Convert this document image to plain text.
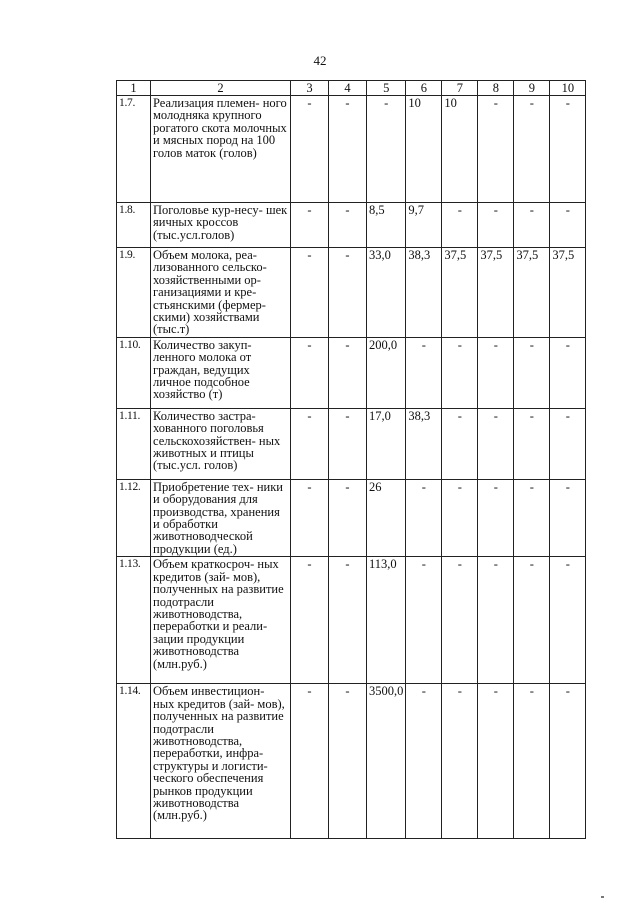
42
1	2	3	4	5	6	7	8	9	10
1.7.	Реализация племен- ного молодняка крупного рогатого скота молочных и мясных пород на 100 голов маток (голов)	-	-	-	10	10	-	-	-
1.8.	Поголовье кур-несу- шек яичных кроссов (тыс.усл.голов)	-	-	8,5	9,7	-	-	-	-
1.9.	Объем молока, реа- лизованного сельско- хозяйственными ор- ганизациями и кре- стьянскими (фермер- скими) хозяйствами (тыс.т)	-	-	33,0	38,3	37,5	37,5	37,5	37,5
1.10.	Количество закуп- ленного молока от граждан, ведущих личное подсобное хозяйство (т)	-	-	200,0	-	-	-	-	-
1.11.	Количество застра- хованного поголовья сельскохозяйствен- ных животных и птицы (тыс.усл. голов)	-	-	17,0	38,3	-	-	-	-
1.12.	Приобретение тех- ники и оборудования для производства, хранения и обработки животноводческой продукции (ед.)	-	-	26	-	-	-	-	-
1.13.	Объем краткосроч- ных кредитов (зай- мов), полученных на развитие подотрасли животноводства, переработки и реали- зации продукции животноводства (млн.руб.)	-	-	113,0	-	-	-	-	-
1.14.	Объем инвестицион- ных кредитов (зай- мов), полученных на развитие подотрасли животноводства, переработки, инфра- структуры и логисти- ческого обеспечения рынков продукции животноводства (млн.руб.)	-	-	3500,0	-	-	-	-	-
